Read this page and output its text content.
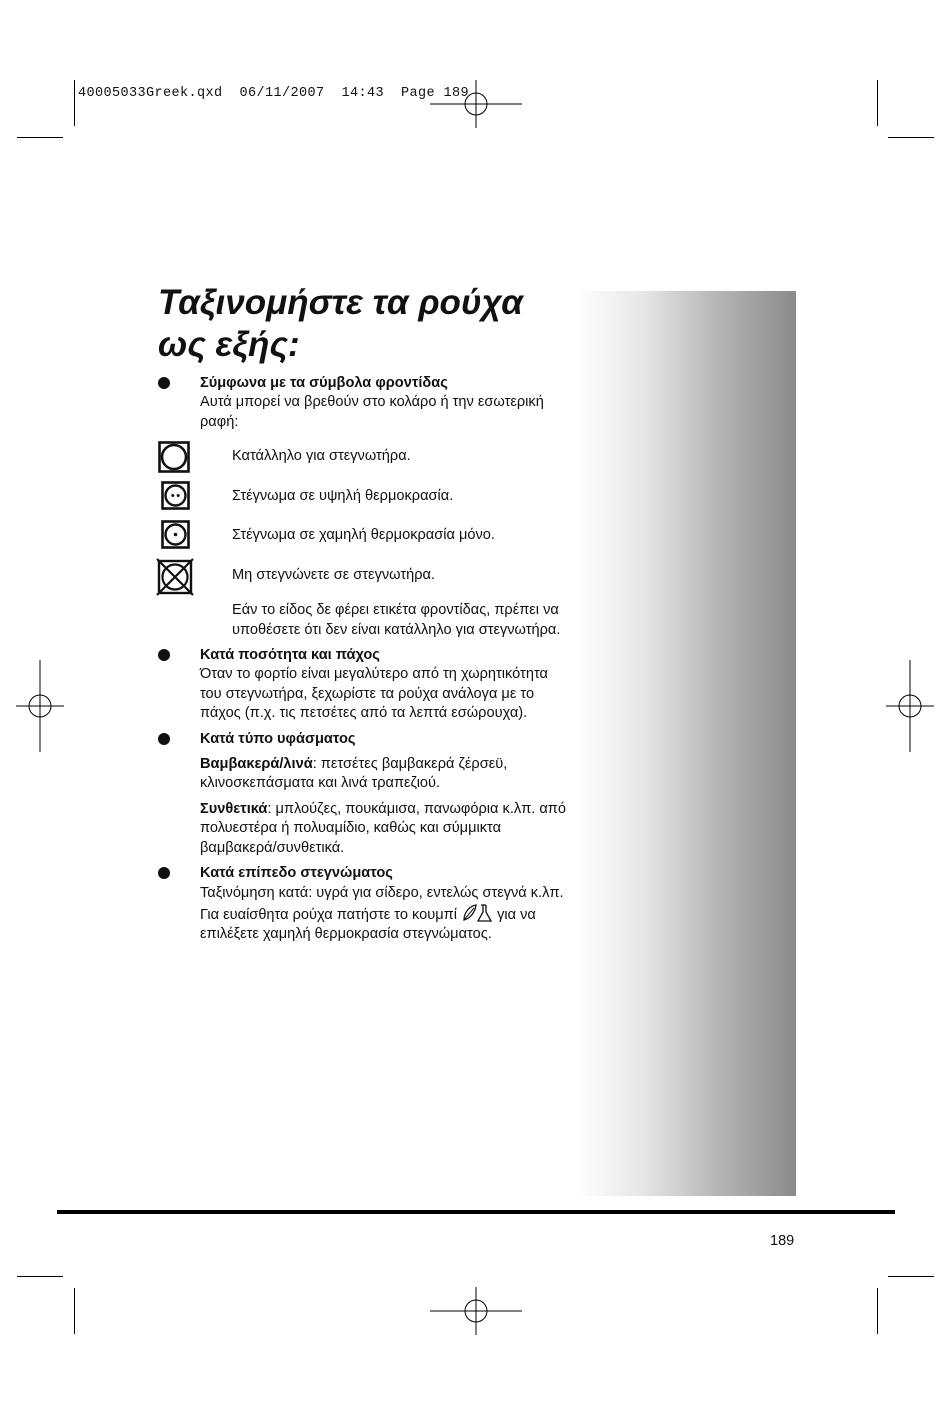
40005033Greek.qxd  06/11/2007  14:43  Page 189
Ταξινομήστε τα ρούχα
ως εξής:
Σύμφωνα με τα σύμβολα φροντίδας
Αυτά μπορεί να βρεθούν στο κολάρο ή την εσωτερική ραφή:
Κατάλληλο για στεγνωτήρα.
Στέγνωμα σε υψηλή θερμοκρασία.
Στέγνωμα σε χαμηλή θερμοκρασία μόνο.
Μη στεγνώνετε σε στεγνωτήρα.
Εάν το είδος δε φέρει ετικέτα φροντίδας, πρέπει να υποθέσετε ότι δεν είναι κατάλληλο για στεγνωτήρα.
Κατά ποσότητα και πάχος
Όταν το φορτίο είναι μεγαλύτερο από τη χωρητικότητα του στεγνωτήρα, ξεχωρίστε τα ρούχα ανάλογα με το πάχος (π.χ. τις πετσέτες από τα λεπτά εσώρουχα).
Κατά τύπο υφάσματος
Βαμβακερά/λινά: πετσέτες βαμβακερά ζέρσεϋ, κλινοσκεπάσματα και λινά τραπεζιού.
Συνθετικά: μπλούζες, πουκάμισα, πανωφόρια κ.λπ. από πολυεστέρα ή πολυαμίδιο, καθώς και σύμμικτα βαμβακερά/συνθετικά.
Κατά επίπεδο στεγνώματος
Ταξινόμηση κατά: υγρά για σίδερο, εντελώς στεγνά κ.λπ. Για ευαίσθητα ρούχα πατήστε το κουμπί	για να επιλέξετε χαμηλή θερμοκρασία στεγνώματος.
189
